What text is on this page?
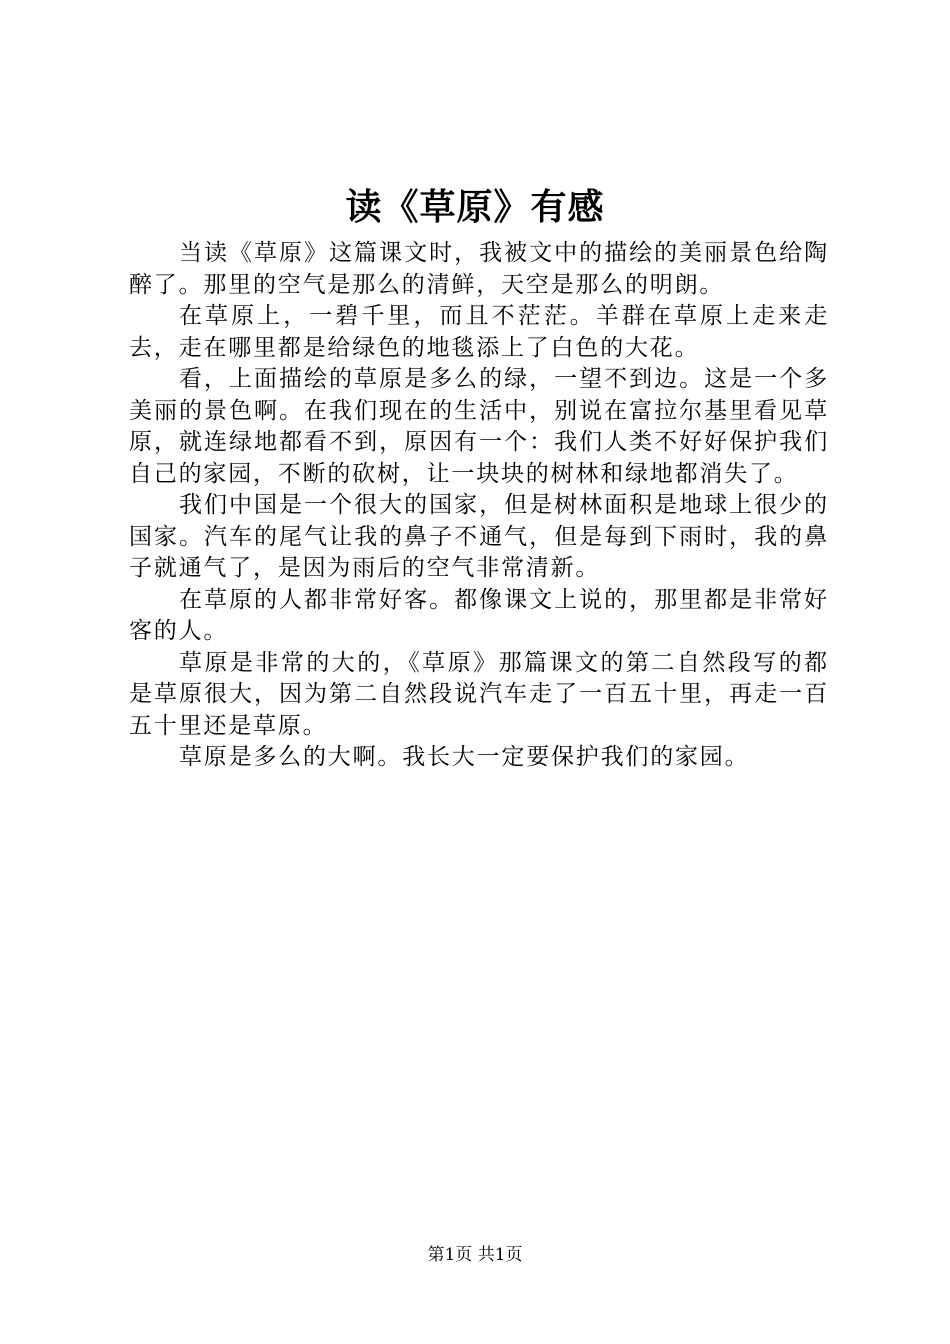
读《草原》有感

当读《草原》这篇课文时，我被文中的描绘的美丽景色给陶醉了。那里的空气是那么的清鲜，天空是那么的明朗。

在草原上，一碧千里，而且不茫茫。羊群在草原上走来走去，走在哪里都是给绿色的地毯添上了白色的大花。

看，上面描绘的草原是多么的绿，一望不到边。这是一个多美丽的景色啊。在我们现在的生活中，别说在富拉尔基里看见草原，就连绿地都看不到，原因有一个：我们人类不好好保护我们自己的家园，不断的砍树，让一块块的树林和绿地都消失了。

我们中国是一个很大的国家，但是树林面积是地球上很少的国家。汽车的尾气让我的鼻子不通气，但是每到下雨时，我的鼻子就通气了，是因为雨后的空气非常清新。

在草原的人都非常好客。都像课文上说的，那里都是非常好客的人。

草原是非常的大的，《草原》那篇课文的第二自然段写的都是草原很大，因为第二自然段说汽车走了一百五十里，再走一百五十里还是草原。

草原是多么的大啊。我长大一定要保护我们的家园。

第1页 共1页
